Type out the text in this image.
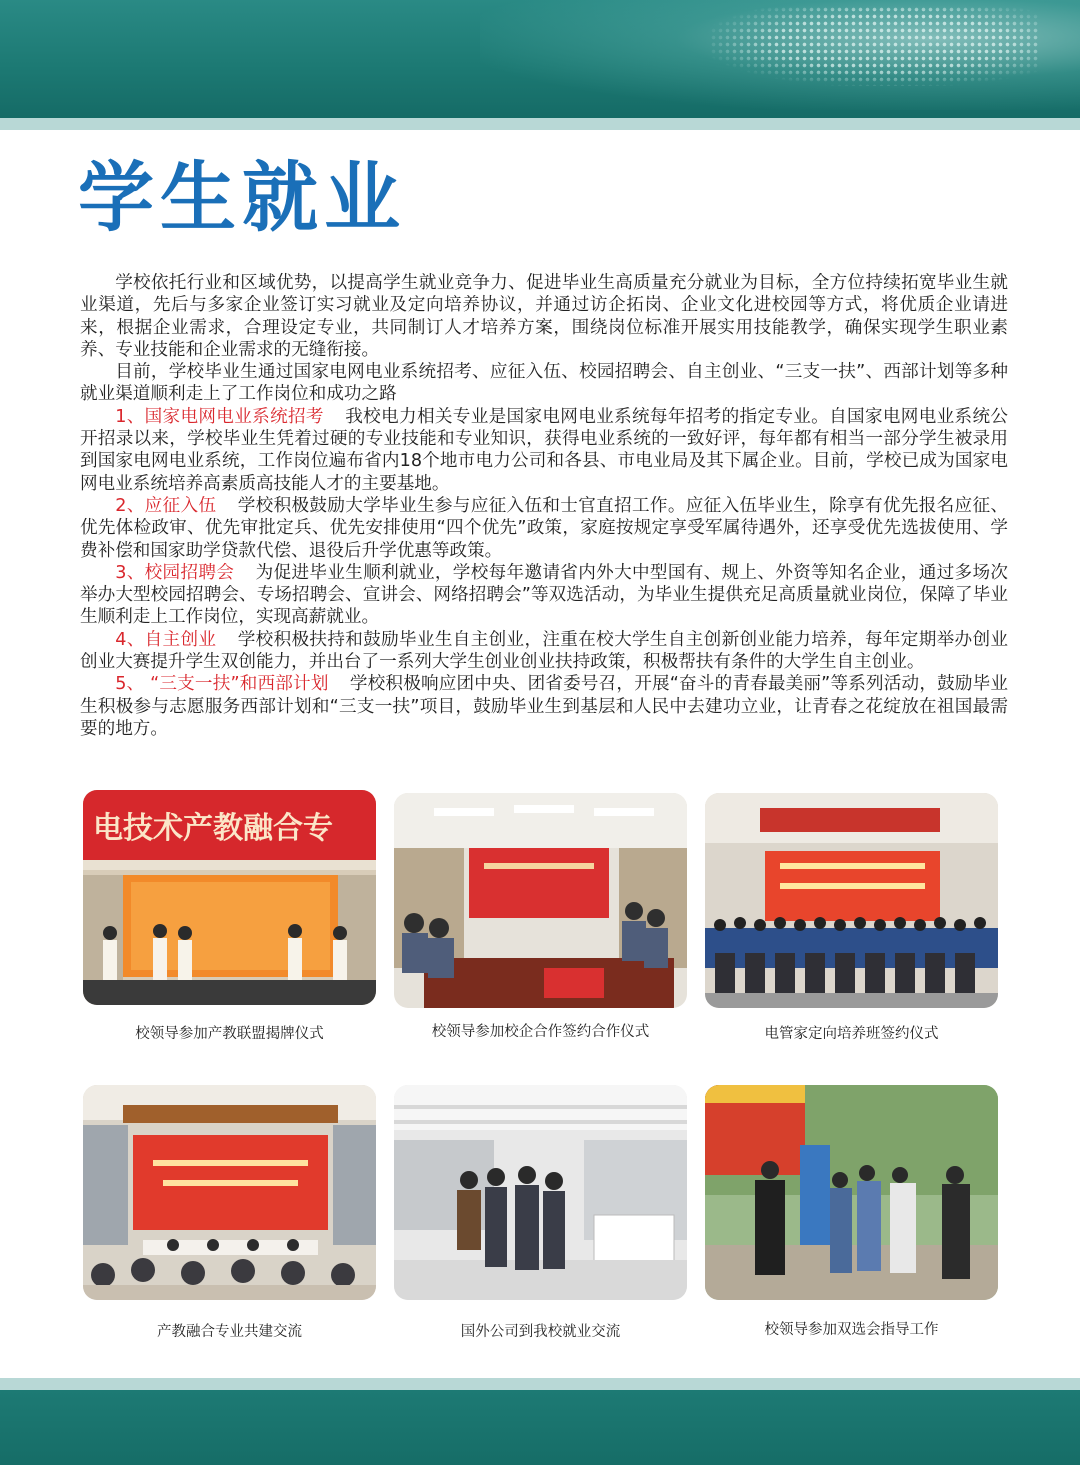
学生就业

学校依托行业和区域优势，以提高学生就业竞争力、促进毕业生高质量充分就业为目标，全方位持续拓宽毕业生就业渠道，先后与多家企业签订实习就业及定向培养协议，并通过访企拓岗、企业文化进校园等方式，将优质企业请进来，根据企业需求，合理设定专业，共同制订人才培养方案，围绕岗位标准开展实用技能教学，确保实现学生职业素养、专业技能和企业需求的无缝衔接。

目前，学校毕业生通过国家电网电业系统招考、应征入伍、校园招聘会、自主创业、“三支一扶”、西部计划等多种就业渠道顺利走上了工作岗位和成功之路

1、国家电网电业系统招考 我校电力相关专业是国家电网电业系统每年招考的指定专业。自国家电网电业系统公开招录以来，学校毕业生凭着过硬的专业技能和专业知识，获得电业系统的一致好评，每年都有相当一部分学生被录用到国家电网电业系统，工作岗位遍布省内18个地市电力公司和各县、市电业局及其下属企业。目前，学校已成为国家电网电业系统培养高素质高技能人才的主要基地。

2、应征入伍 学校积极鼓励大学毕业生参与应征入伍和士官直招工作。应征入伍毕业生，除享有优先报名应征、优先体检政审、优先审批定兵、优先安排使用“四个优先”政策，家庭按规定享受军属待遇外，还享受优先选拔使用、学费补偿和国家助学贷款代偿、退役后升学优惠等政策。

3、校园招聘会 为促进毕业生顺利就业，学校每年邀请省内外大中型国有、规上、外资等知名企业，通过多场次举办大型校园招聘会、专场招聘会、宣讲会、网络招聘会”等双选活动，为毕业生提供充足高质量就业岗位，保障了毕业生顺利走上工作岗位，实现高薪就业。

4、自主创业 学校积极扶持和鼓励毕业生自主创业，注重在校大学生自主创新创业能力培养，每年定期举办创业创业大赛提升学生双创能力，并出台了一系列大学生创业创业扶持政策，积极帮扶有条件的大学生自主创业。

5、 “三支一扶”和西部计划 学校积极响应团中央、团省委号召，开展“奋斗的青春最美丽”等系列活动，鼓励毕业生积极参与志愿服务西部计划和“三支一扶”项目，鼓励毕业生到基层和人民中去建功立业，让青春之花绽放在祖国最需要的地方。

电技术产教融合专
校领导参加产教联盟揭牌仪式	校领导参加校企合作签约合作仪式	电管家定向培养班签约仪式
产教融合专业共建交流	国外公司到我校就业交流	校领导参加双选会指导工作
